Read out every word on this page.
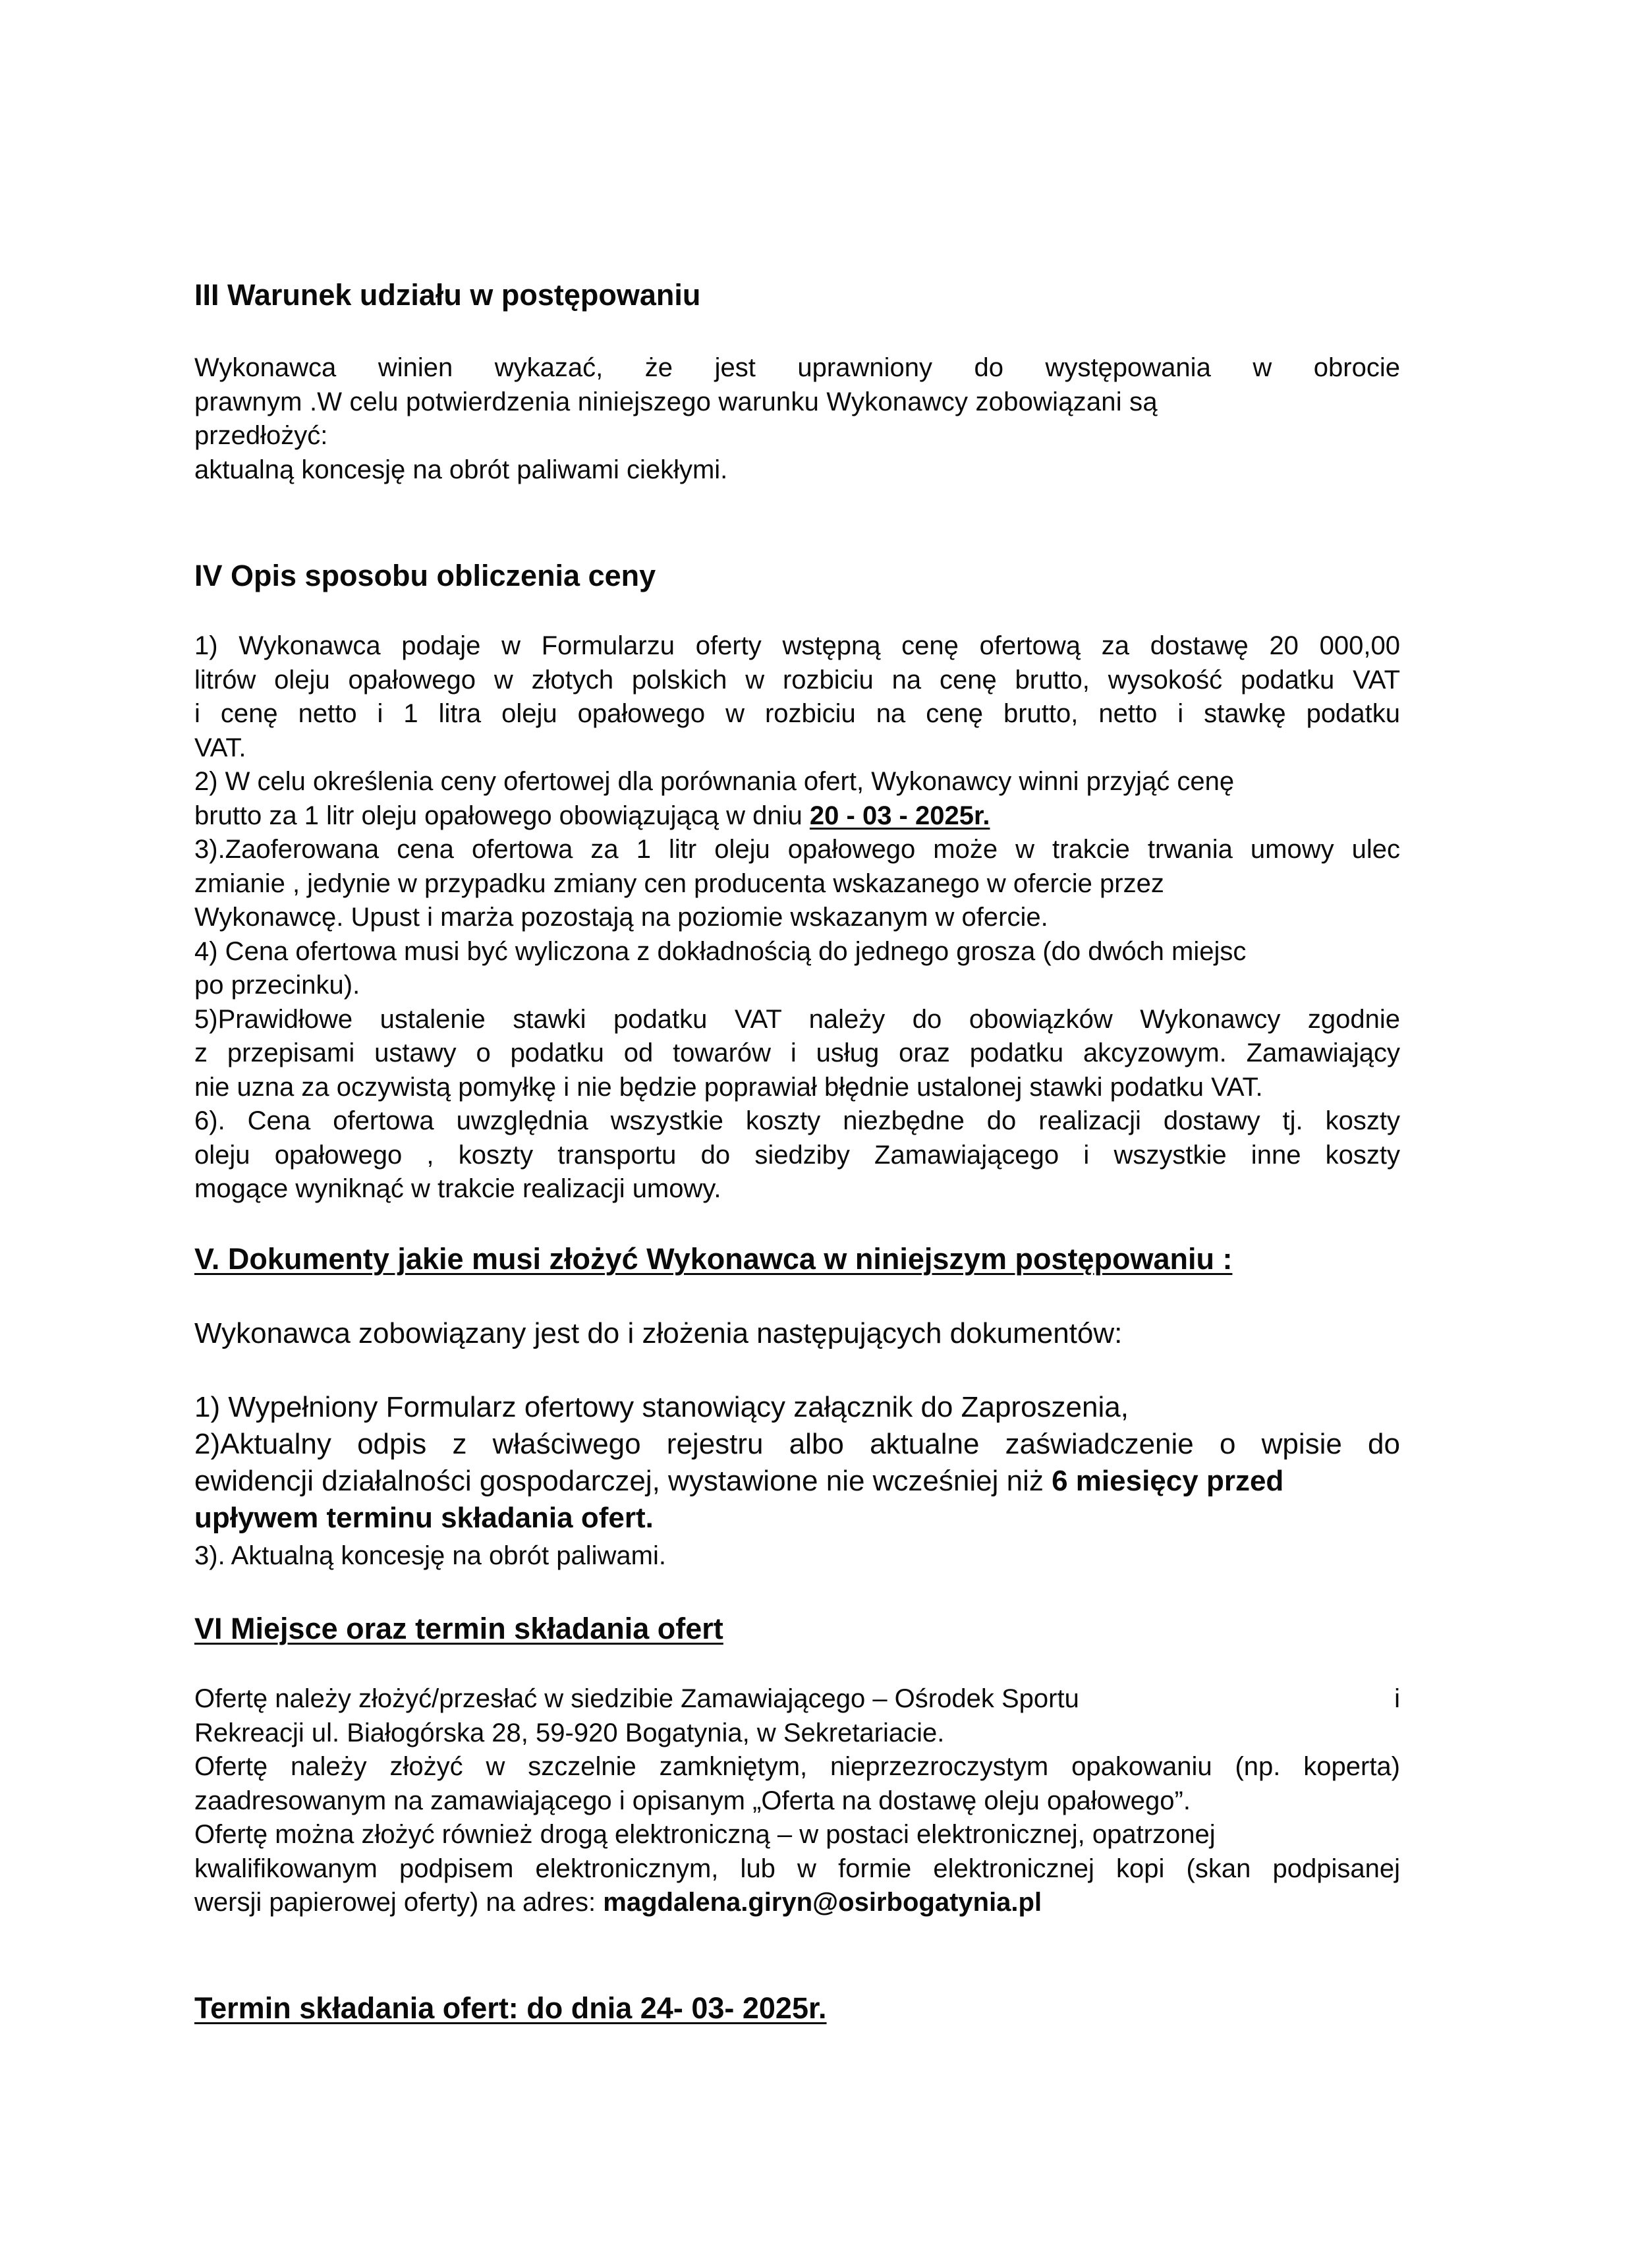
III Warunek udziału w postępowaniu
Wykonawca winien wykazać, że jest uprawniony do występowania w obrocie
prawnym .W celu potwierdzenia niniejszego warunku Wykonawcy zobowiązani są
przedłożyć:
aktualną koncesję na obrót paliwami ciekłymi.
IV Opis sposobu obliczenia ceny
1) Wykonawca podaje w Formularzu oferty wstępną cenę ofertową za dostawę 20 000,00
litrów oleju opałowego w złotych polskich w rozbiciu na cenę brutto, wysokość podatku VAT
i cenę netto i 1 litra oleju opałowego w rozbiciu na cenę brutto, netto i stawkę podatku
VAT.
2) W celu określenia ceny ofertowej dla porównania ofert, Wykonawcy winni przyjąć cenę
brutto za 1 litr oleju opałowego obowiązującą w dniu 20 - 03 - 2025r.
3).Zaoferowana cena ofertowa za 1 litr oleju opałowego może w trakcie trwania umowy ulec
zmianie , jedynie w przypadku zmiany cen producenta wskazanego w ofercie przez
Wykonawcę. Upust i marża pozostają na poziomie wskazanym w ofercie.
4) Cena ofertowa musi być wyliczona z dokładnością do jednego grosza (do dwóch miejsc
po przecinku).
5)Prawidłowe ustalenie stawki podatku VAT należy do obowiązków Wykonawcy zgodnie
z przepisami ustawy o podatku od towarów i usług oraz podatku akcyzowym. Zamawiający
nie uzna za oczywistą pomyłkę i nie będzie poprawiał błędnie ustalonej stawki podatku VAT.
6). Cena ofertowa uwzględnia wszystkie koszty niezbędne do realizacji dostawy tj. koszty
oleju opałowego , koszty transportu do siedziby Zamawiającego i wszystkie inne koszty
mogące wyniknąć w trakcie realizacji umowy.
V. Dokumenty jakie musi złożyć Wykonawca w niniejszym postępowaniu :
Wykonawca zobowiązany jest do i złożenia następujących dokumentów:
1) Wypełniony Formularz ofertowy stanowiący załącznik do Zaproszenia,
2)Aktualny odpis z właściwego rejestru albo aktualne zaświadczenie o wpisie do
ewidencji działalności gospodarczej, wystawione nie wcześniej niż 6 miesięcy przed
upływem terminu składania ofert.
3). Aktualną koncesję na obrót paliwami.
VI Miejsce oraz termin składania ofert
Ofertę należy złożyć/przesłać w siedzibie Zamawiającego – Ośrodek Sportu	i
Rekreacji ul. Białogórska 28, 59-920 Bogatynia, w Sekretariacie.
Ofertę należy złożyć w szczelnie zamkniętym, nieprzezroczystym opakowaniu (np. koperta)
zaadresowanym na zamawiającego i opisanym „Oferta na dostawę oleju opałowego”.
Ofertę można złożyć również drogą elektroniczną – w postaci elektronicznej, opatrzonej
kwalifikowanym podpisem elektronicznym, lub w formie elektronicznej kopi (skan podpisanej
wersji papierowej oferty) na adres: magdalena.giryn@osirbogatynia.pl
Termin składania ofert: do dnia 24- 03- 2025r.
